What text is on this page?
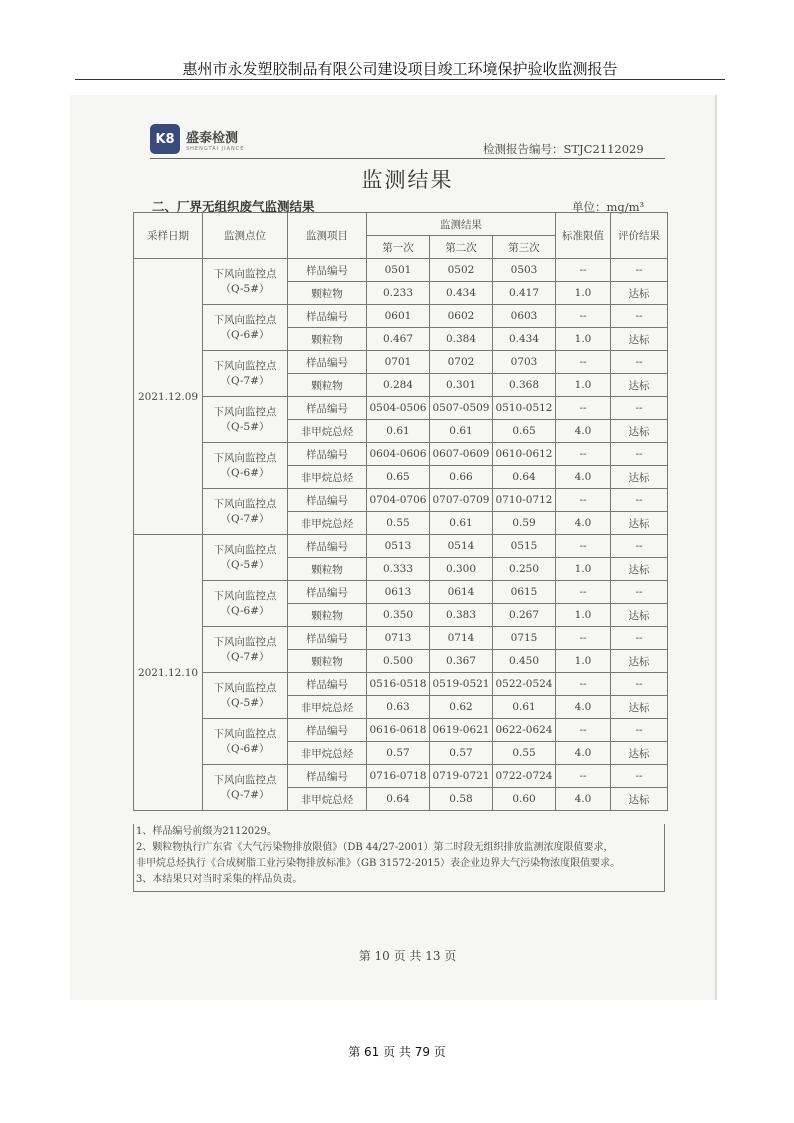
惠州市永发塑胶制品有限公司建设项目竣工环境保护验收监测报告
K8 盛泰检测
SHENGTAI JIANCE	检测报告编号：STJC2112029
监测结果
二、厂界无组织废气监测结果	单位：mg/m³
采样日期	监测点位	监测项目	监测结果			标准限值	评价结果
			第一次	第二次	第三次		
2021.12.09	下风向监控点（Q-5#）	样品编号	0501	0502	0503	--	--
		颗粒物	0.233	0.434	0.417	1.0	达标
	下风向监控点（Q-6#）	样品编号	0601	0602	0603	--	--
		颗粒物	0.467	0.384	0.434	1.0	达标
	下风向监控点（Q-7#）	样品编号	0701	0702	0703	--	--
		颗粒物	0.284	0.301	0.368	1.0	达标
	下风向监控点（Q-5#）	样品编号	0504-0506	0507-0509	0510-0512	--	--
		非甲烷总烃	0.61	0.61	0.65	4.0	达标
	下风向监控点（Q-6#）	样品编号	0604-0606	0607-0609	0610-0612	--	--
		非甲烷总烃	0.65	0.66	0.64	4.0	达标
	下风向监控点（Q-7#）	样品编号	0704-0706	0707-0709	0710-0712	--	--
		非甲烷总烃	0.55	0.61	0.59	4.0	达标
2021.12.10	下风向监控点（Q-5#）	样品编号	0513	0514	0515	--	--
		颗粒物	0.333	0.300	0.250	1.0	达标
	下风向监控点（Q-6#）	样品编号	0613	0614	0615	--	--
		颗粒物	0.350	0.383	0.267	1.0	达标
	下风向监控点（Q-7#）	样品编号	0713	0714	0715	--	--
		颗粒物	0.500	0.367	0.450	1.0	达标
	下风向监控点（Q-5#）	样品编号	0516-0518	0519-0521	0522-0524	--	--
		非甲烷总烃	0.63	0.62	0.61	4.0	达标
	下风向监控点（Q-6#）	样品编号	0616-0618	0619-0621	0622-0624	--	--
		非甲烷总烃	0.57	0.57	0.55	4.0	达标
	下风向监控点（Q-7#）	样品编号	0716-0718	0719-0721	0722-0724	--	--
		非甲烷总烃	0.64	0.58	0.60	4.0	达标
1、样品编号前缀为2112029。
2、颗粒物执行广东省《大气污染物排放限值》（DB 44/27-2001）第二时段无组织排放监测浓度限值要求，
非甲烷总烃执行《合成树脂工业污染物排放标准》（GB 31572-2015）表企业边界大气污染物浓度限值要求。
3、本结果只对当时采集的样品负责。
第 10 页 共 13 页
第 61 页 共 79 页
